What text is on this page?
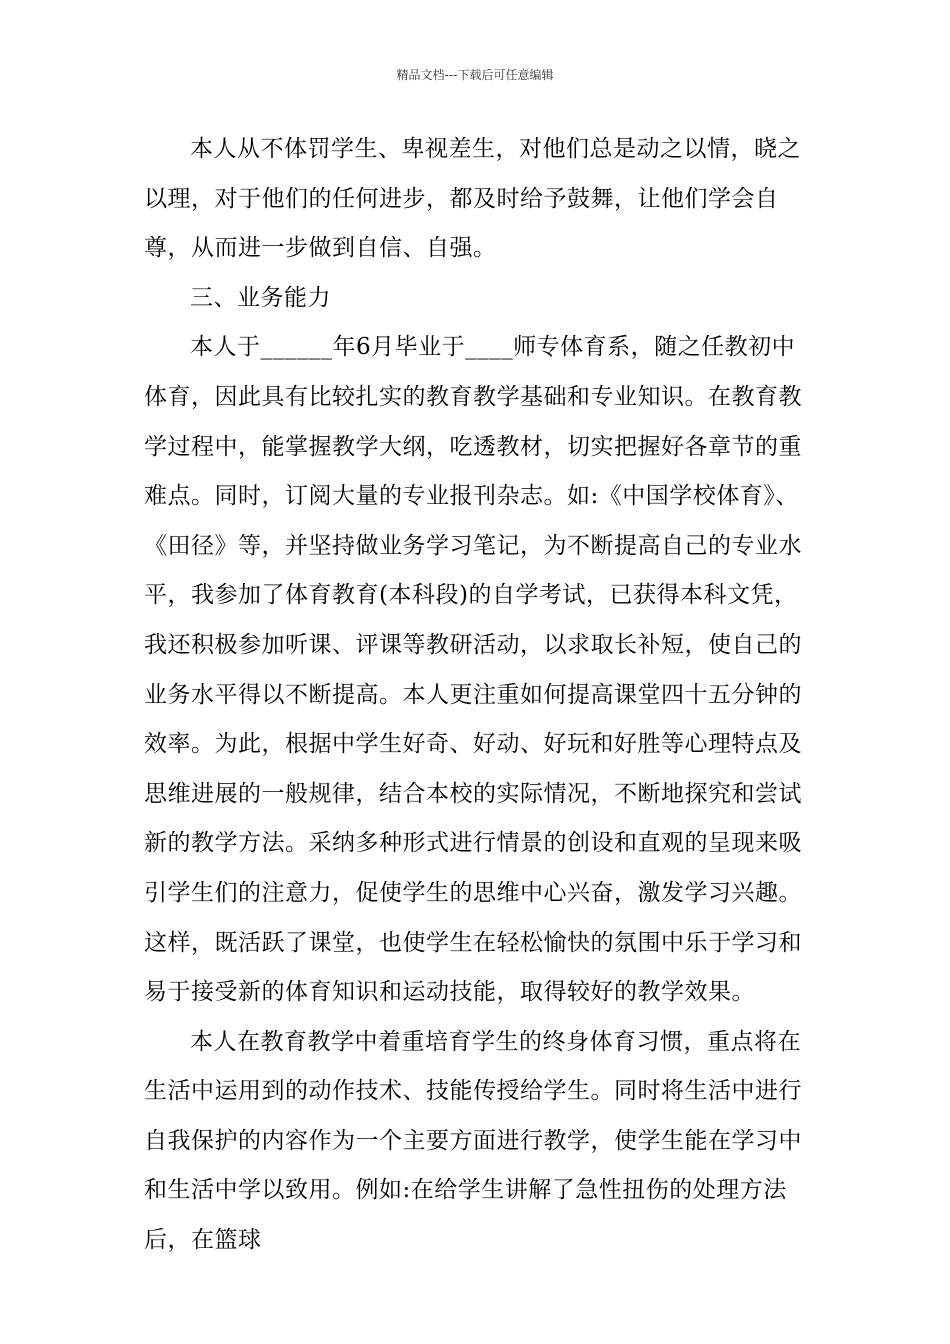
精品文档---下载后可任意编辑

本人从不体罚学生、卑视差生，对他们总是动之以情，晓之以理，对于他们的任何进步，都及时给予鼓舞，让他们学会自尊，从而进一步做到自信、自强。

三、业务能力

本人于______年6月毕业于____师专体育系，随之任教初中体育，因此具有比较扎实的教育教学基础和专业知识。在教育教学过程中，能掌握教学大纲，吃透教材，切实把握好各章节的重难点。同时，订阅大量的专业报刊杂志。如:《中国学校体育》、《田径》等，并坚持做业务学习笔记，为不断提高自己的专业水平，我参加了体育教育(本科段)的自学考试，已获得本科文凭，我还积极参加听课、评课等教研活动，以求取长补短，使自己的业务水平得以不断提高。本人更注重如何提高课堂四十五分钟的效率。为此，根据中学生好奇、好动、好玩和好胜等心理特点及思维进展的一般规律，结合本校的实际情况，不断地探究和尝试新的教学方法。采纳多种形式进行情景的创设和直观的呈现来吸引学生们的注意力，促使学生的思维中心兴奋，激发学习兴趣。这样，既活跃了课堂，也使学生在轻松愉快的氛围中乐于学习和易于接受新的体育知识和运动技能，取得较好的教学效果。

本人在教育教学中着重培育学生的终身体育习惯，重点将在生活中运用到的动作技术、技能传授给学生。同时将生活中进行自我保护的内容作为一个主要方面进行教学，使学生能在学习中和生活中学以致用。例如:在给学生讲解了急性扭伤的处理方法后，在篮球
